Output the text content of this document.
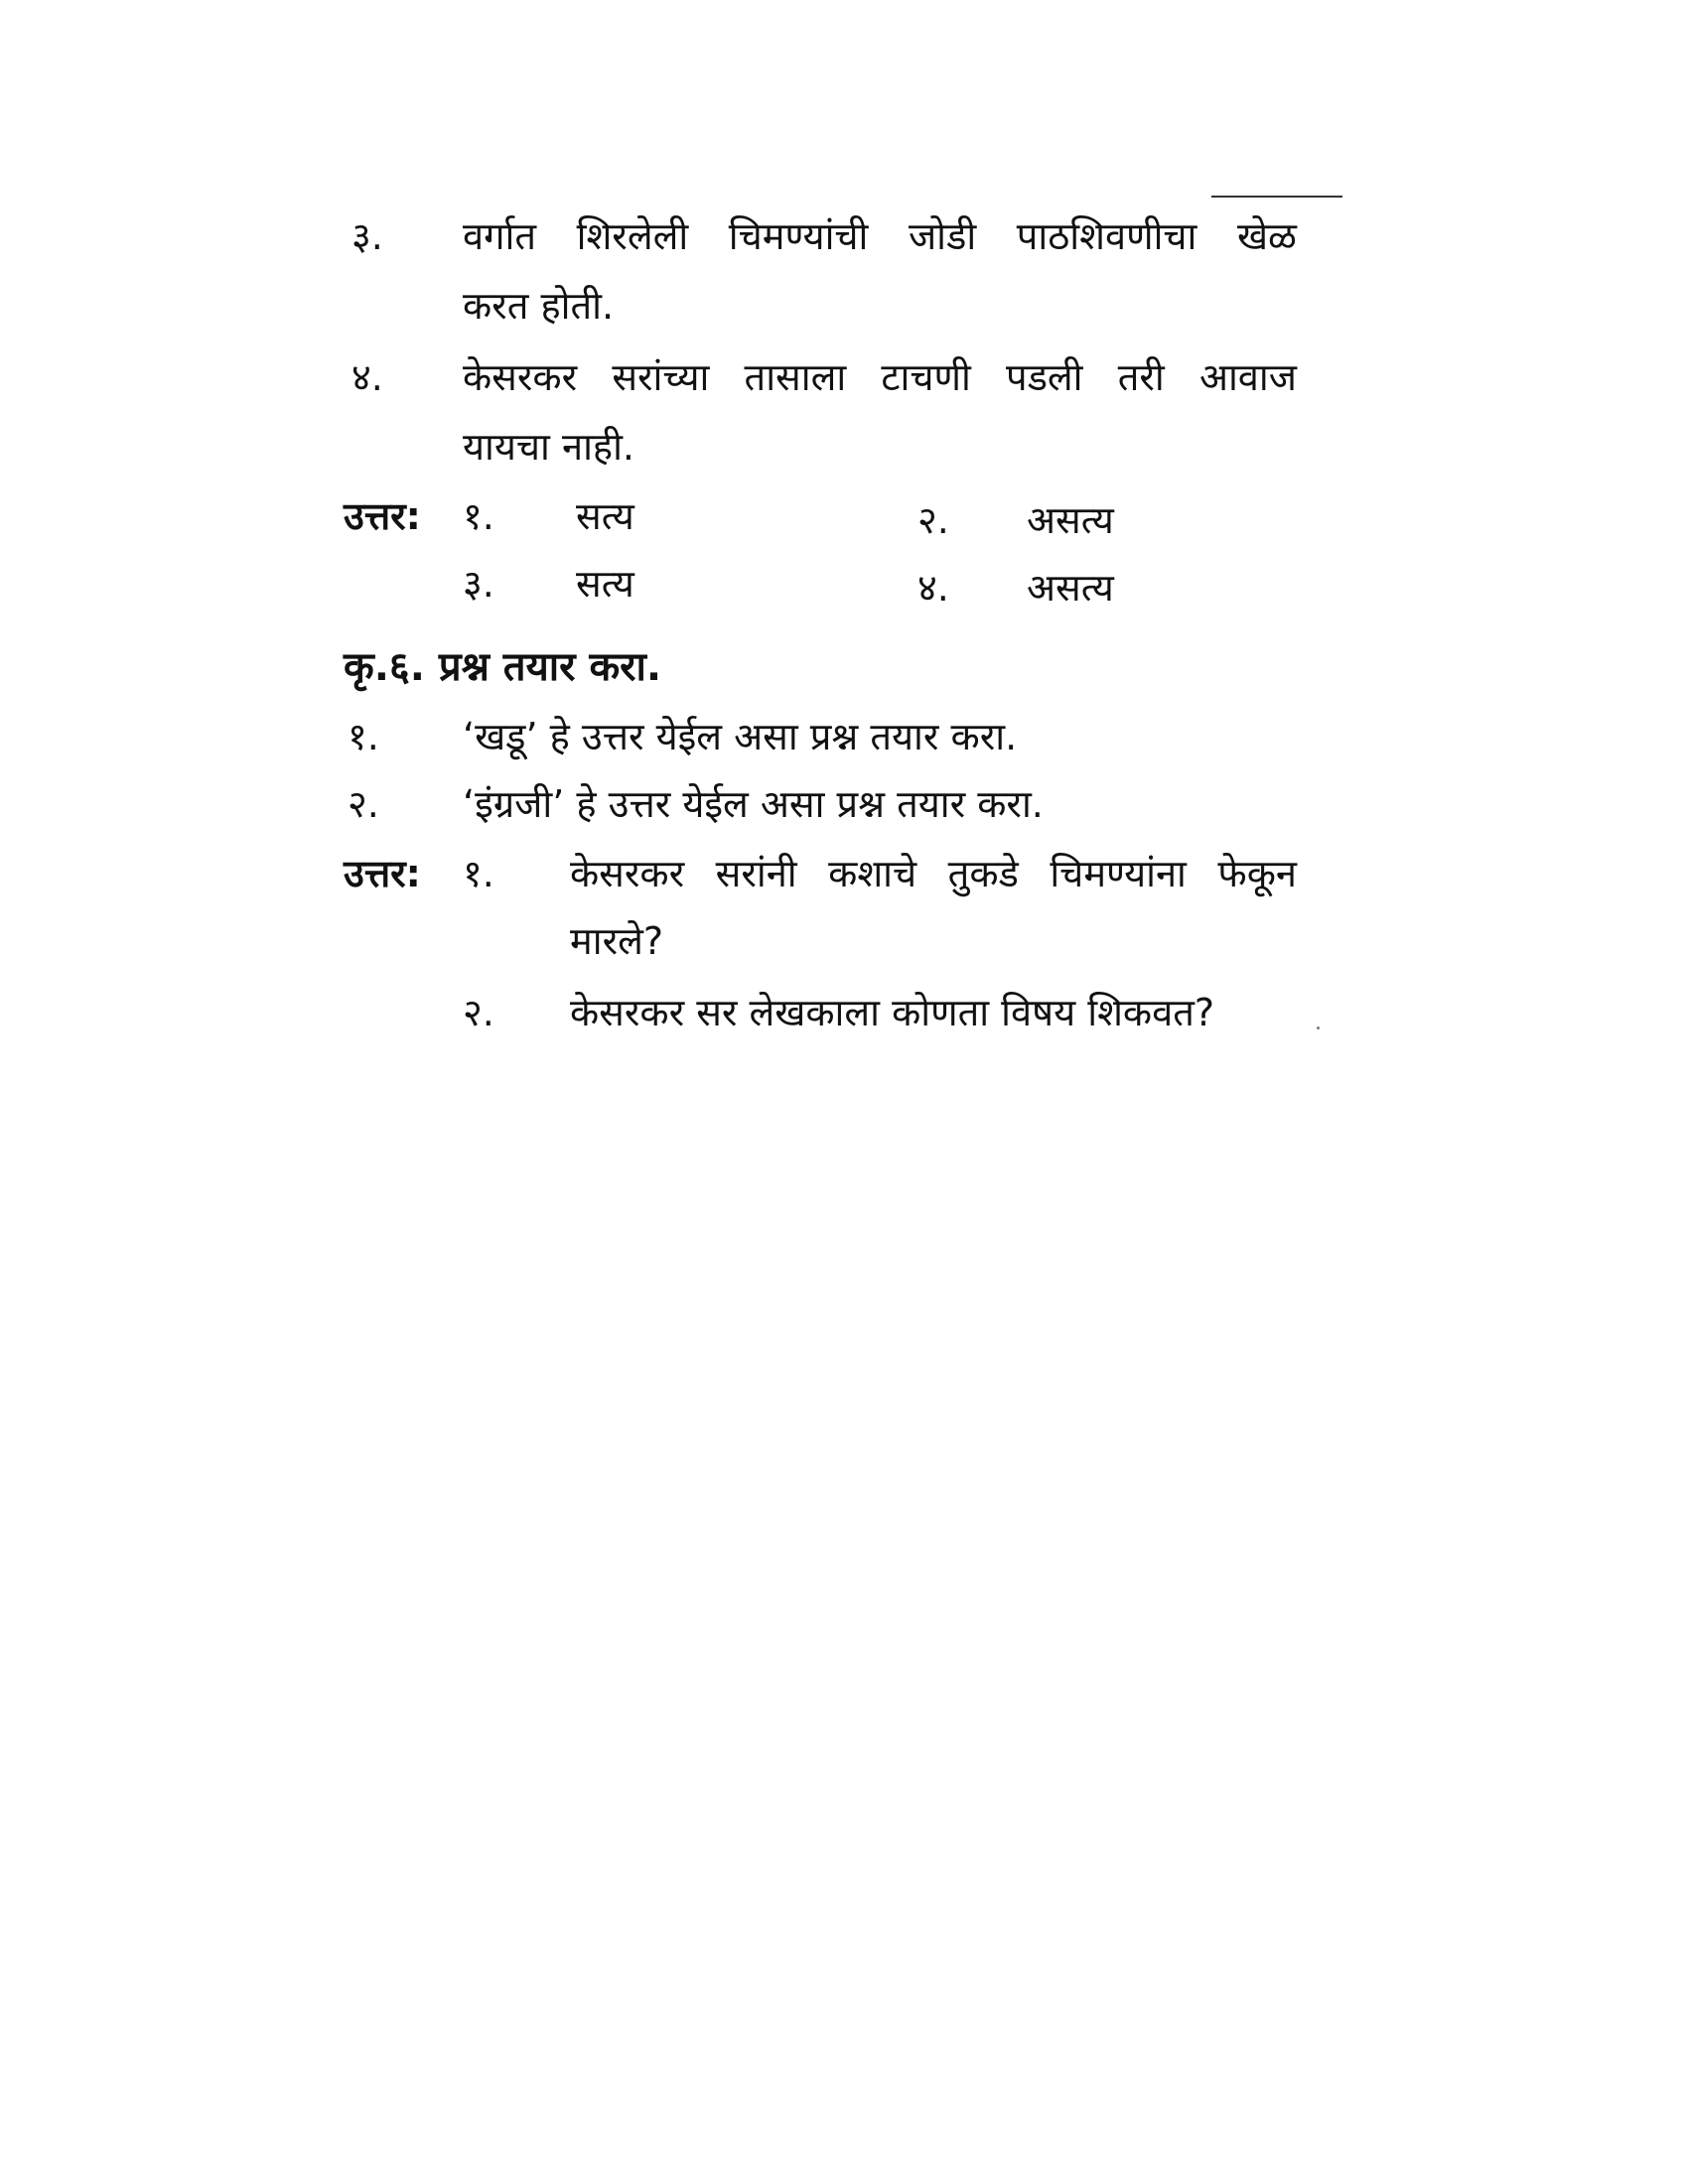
३. वर्गात शिरलेली चिमण्यांची जोडी पाठशिवणीचा खेळ
करत होती.
४. केसरकर सरांच्या तासाला टाचणी पडली तरी आवाज
यायचा नाही.
उत्तर: १. सत्य	२. असत्य
३. सत्य	४. असत्य
कृ.६. प्रश्न तयार करा.
१. ‘खडू’ हे उत्तर येईल असा प्रश्न तयार करा.
२. ‘इंग्रजी’ हे उत्तर येईल असा प्रश्न तयार करा.
उत्तर: १. केसरकर सरांनी कशाचे तुकडे चिमण्यांना फेकून
मारले?
२. केसरकर सर लेखकाला कोणता विषय शिकवत?
